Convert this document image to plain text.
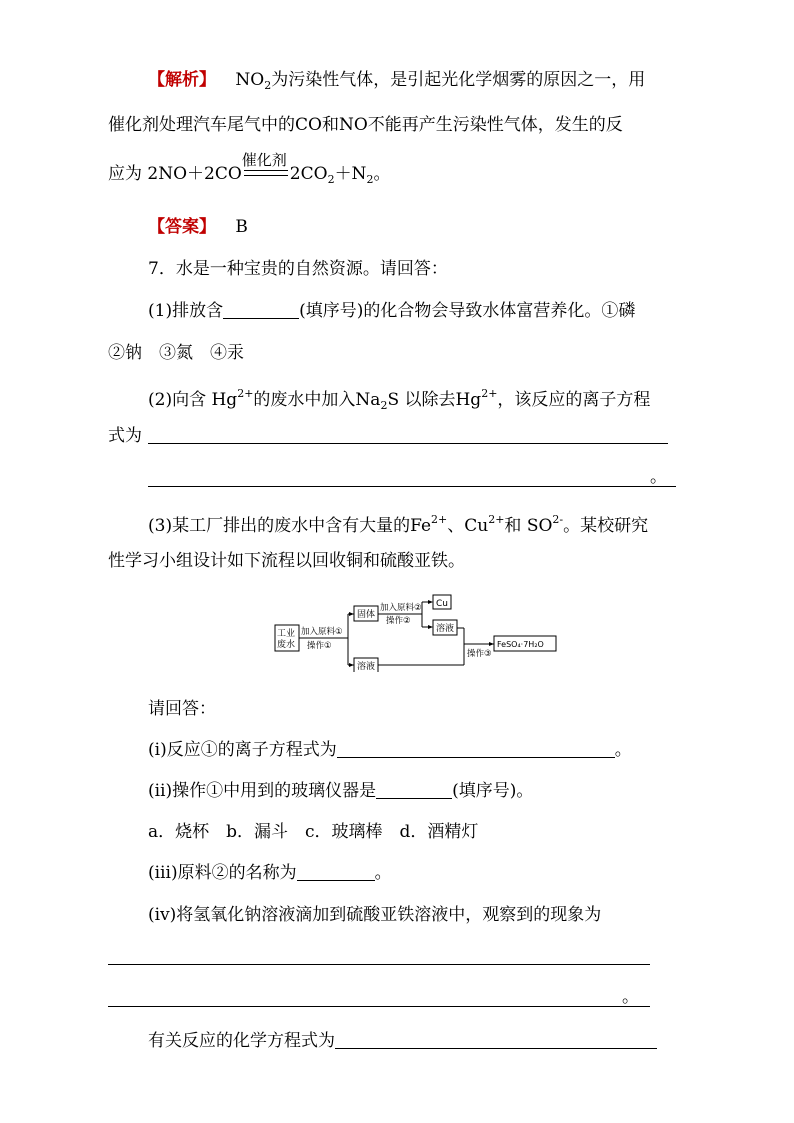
【解析】 $NO_2$为污染性气体，是引起光化学烟雾的原因之一，用
催化剂处理汽车尾气中的CO和NO不能再产生污染性气体，发生的反
应为 2NO＋2CO
催化剂
$2CO_2+N_2$。
【答案】 B
7．水是一种宝贵的自然资源。请回答：
(1)排放含	(填序号)的化合物会导致水体富营养化。①磷
②钠　③氮　④汞
(2)向含 $Hg^{2+}$的废水中加入$Na_2S$ 以除去$Hg^{2+}$，该反应的离子方程
式为
。
(3)某工厂排出的废水中含有大量的$Fe^{2+}$、$Cu^{2+}$和 $SO^{2-}$。某校研究
性学习小组设计如下流程以回收铜和硫酸亚铁。
工业
废水
加入原料①
操作①
固体
加入原料②
操作②
Cu
溶液
溶液
操作③
FeSO₄·7H₂O
请回答：
(ⅰ)反应①的离子方程式为	。
(ⅱ)操作①中用到的玻璃仪器是	(填序号)。
a．烧杯　b．漏斗　c．玻璃棒　d．酒精灯
(ⅲ)原料②的名称为	。
(ⅳ)将氢氧化钠溶液滴加到硫酸亚铁溶液中，观察到的现象为
。
有关反应的化学方程式为
